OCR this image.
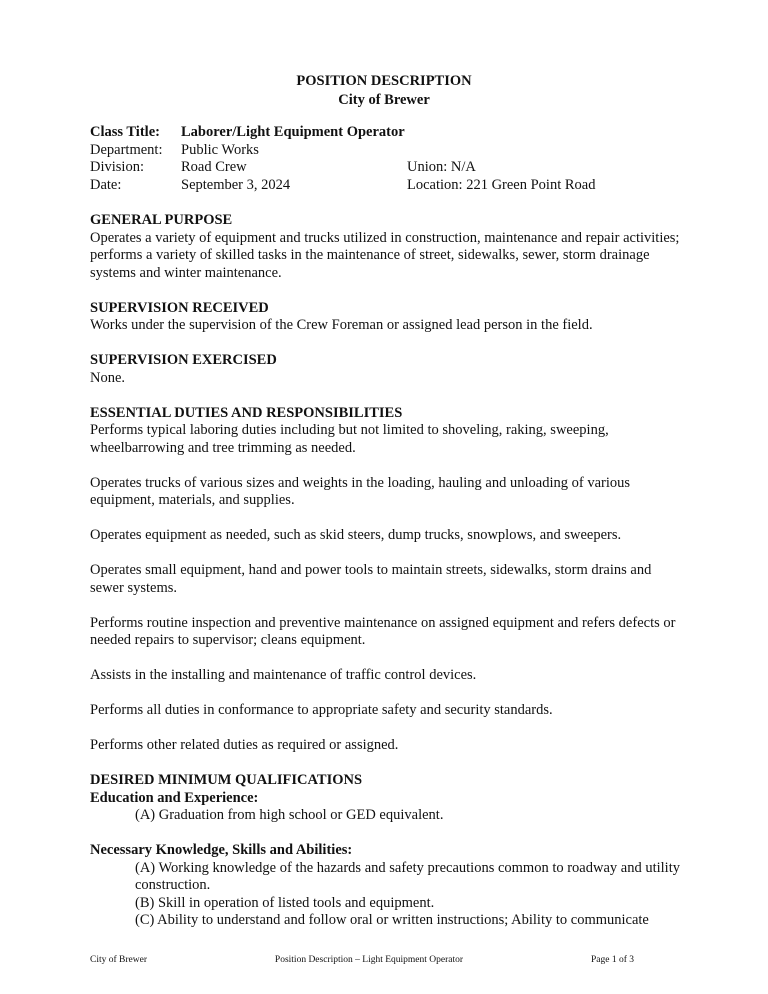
POSITION DESCRIPTION
City of Brewer
Class Title:	Laborer/Light Equipment Operator
Department:	Public Works
Division:	Road Crew	Union: N/A
Date:	September 3, 2024	Location: 221 Green Point Road
GENERAL PURPOSE
Operates a variety of equipment and trucks utilized in construction, maintenance and repair activities; performs a variety of skilled tasks in the maintenance of street, sidewalks, sewer, storm drainage systems and winter maintenance.
SUPERVISION RECEIVED
Works under the supervision of the Crew Foreman or assigned lead person in the field.
SUPERVISION EXERCISED
None.
ESSENTIAL DUTIES AND RESPONSIBILITIES
Performs typical laboring duties including but not limited to shoveling, raking, sweeping, wheelbarrowing and tree trimming as needed.
Operates trucks of various sizes and weights in the loading, hauling and unloading of various equipment, materials, and supplies.
Operates equipment as needed, such as skid steers, dump trucks, snowplows, and sweepers.
Operates small equipment, hand and power tools to maintain streets, sidewalks, storm drains and sewer systems.
Performs routine inspection and preventive maintenance on assigned equipment and refers defects or needed repairs to supervisor; cleans equipment.
Assists in the installing and maintenance of traffic control devices.
Performs all duties in conformance to appropriate safety and security standards.
Performs other related duties as required or assigned.
DESIRED MINIMUM QUALIFICATIONS
Education and Experience:
(A) Graduation from high school or GED equivalent.
Necessary Knowledge, Skills and Abilities:
(A) Working knowledge of the hazards and safety precautions common to roadway and utility construction.
(B) Skill in operation of listed tools and equipment.
(C) Ability to understand and follow oral or written instructions; Ability to communicate
City of Brewer	Position Description – Light Equipment Operator	Page 1 of 3
